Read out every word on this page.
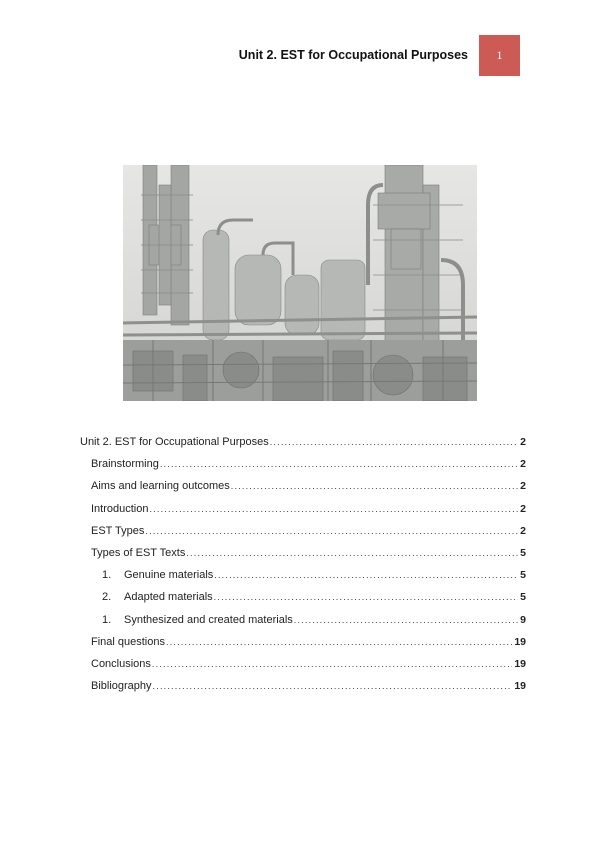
Unit 2. EST for Occupational Purposes 1
Unit 2. EST for Occupational Purposes .....	2
Brainstorming .....	2
Aims and learning outcomes .....	2
Introduction .....	2
EST Types .....	2
Types of EST Texts .....	5
1. Genuine materials .....	5
2. Adapted materials .....	5
1. Synthesized and created materials .....	9
Final questions .....	19
Conclusions .....	19
Bibliography .....	19
